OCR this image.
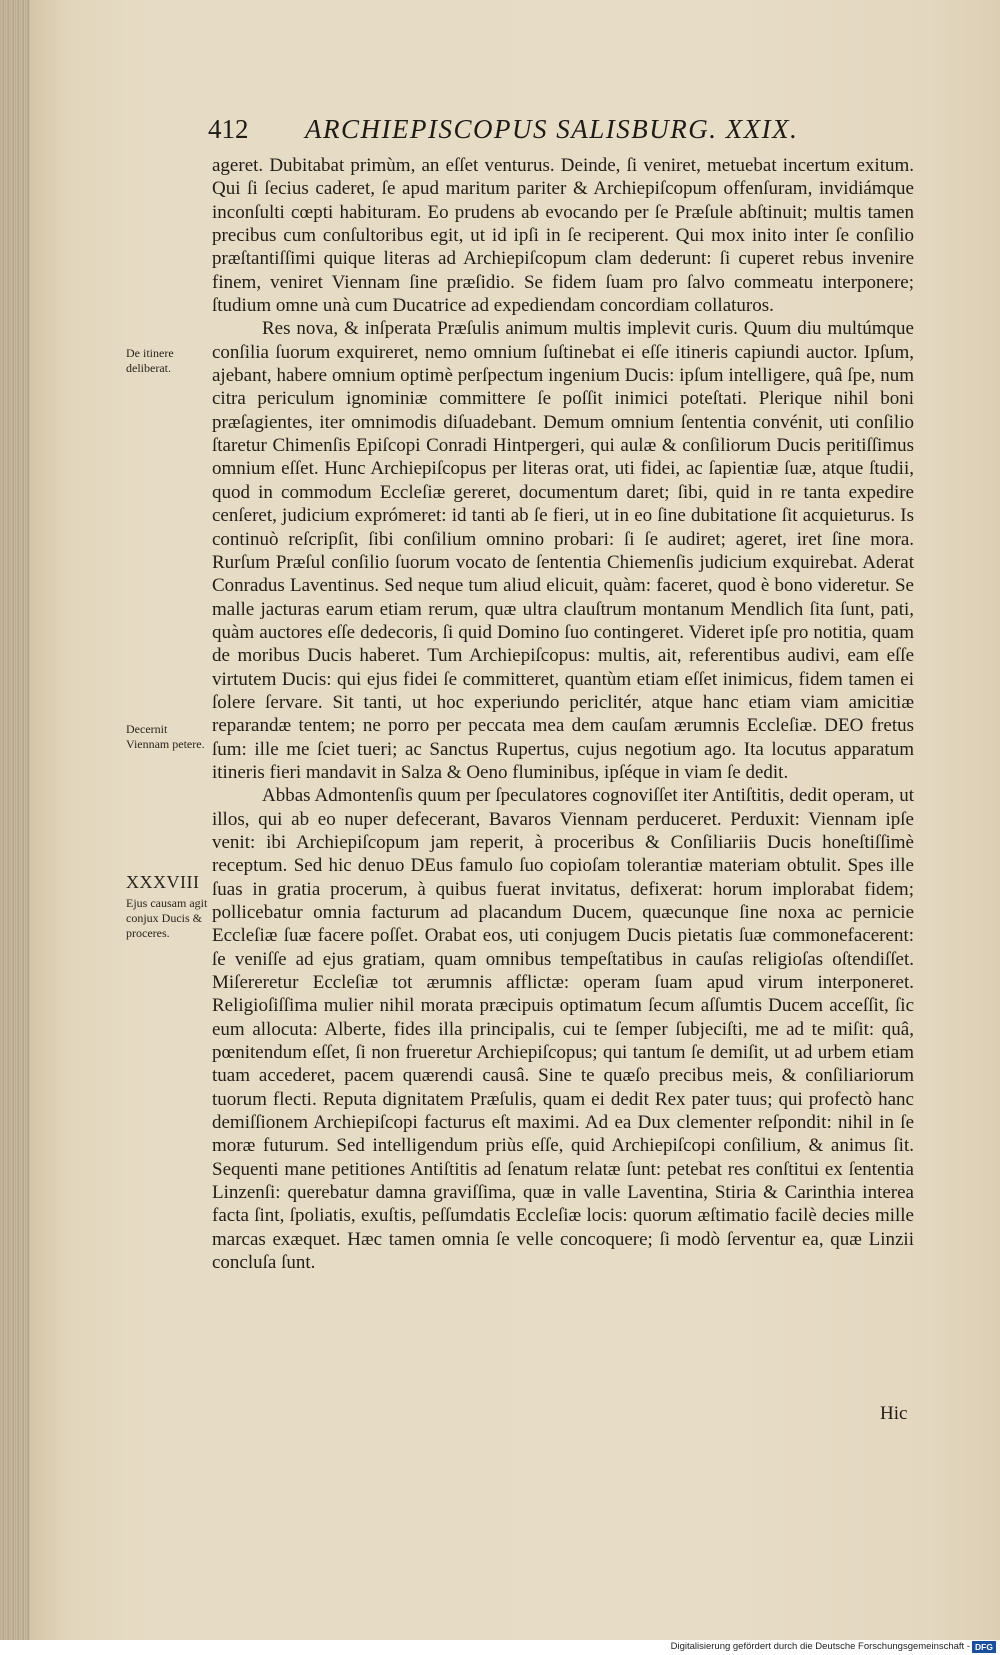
412 ARCHIEPISCOPUS SALISBURG. XXIX.
De itinere deliberat.
Decernit Viennam petere.
XXXVIII
Ejus causam agit conjux Ducis & proceres.

ageret. Dubitabat primùm, an eſſet venturus. Deinde, ſi veniret, metuebat incertum exitum. Qui ſi ſecius caderet, ſe apud maritum pariter & Archiepiſcopum offenſuram, invidiámque inconſulti cœpti habituram. Eo prudens ab evocando per ſe Præſule abſtinuit; multis tamen precibus cum conſultoribus egit, ut id ipſi in ſe reciperent. Qui mox inito inter ſe conſilio præſtantiſſimi quique literas ad Archiepiſcopum clam dederunt: ſi cuperet rebus invenire finem, veniret Viennam ſine præſidio. Se fidem ſuam pro ſalvo commeatu interponere; ſtudium omne unà cum Ducatrice ad expediendam concordiam collaturos.

Res nova, & inſperata Præſulis animum multis implevit curis. Quum diu multúmque conſilia ſuorum exquireret, nemo omnium ſuſtinebat ei eſſe itineris capiundi auctor. Ipſum, ajebant, habere omnium optimè perſpectum ingenium Ducis: ipſum intelligere, quâ ſpe, num citra periculum ignominiæ committere ſe poſſit inimici poteſtati. Plerique nihil boni præſagientes, iter omnimodis diſuadebant. Demum omnium ſententia convénit, uti conſilio ſtaretur Chimenſis Epiſcopi Conradi Hintpergeri, qui aulæ & conſiliorum Ducis peritiſſimus omnium eſſet. Hunc Archiepiſcopus per literas orat, uti fidei, ac ſapientiæ ſuæ, atque ſtudii, quod in commodum Eccleſiæ gereret, documentum daret; ſibi, quid in re tanta expedire cenſeret, judicium exprómeret: id tanti ab ſe fieri, ut in eo ſine dubitatione ſit acquieturus. Is continuò reſcripſit, ſibi conſilium omnino probari: ſi ſe audiret; ageret, iret ſine mora. Rurſum Præſul conſilio ſuorum vocato de ſententia Chiemenſis judicium exquirebat. Aderat Conradus Laventinus. Sed neque tum aliud elicuit, quàm: faceret, quod è bono videretur. Se malle jacturas earum etiam rerum, quæ ultra clauſtrum montanum Mendlich ſita ſunt, pati, quàm auctores eſſe dedecoris, ſi quid Domino ſuo contingeret. Videret ipſe pro notitia, quam de moribus Ducis haberet. Tum Archiepiſcopus: multis, ait, referentibus audivi, eam eſſe virtutem Ducis: qui ejus fidei ſe committeret, quantùm etiam eſſet inimicus, fidem tamen ei ſolere ſervare. Sit tanti, ut hoc experiundo periclitér, atque hanc etiam viam amicitiæ reparandæ tentem; ne porro per peccata mea dem cauſam ærumnis Eccleſiæ. DEO fretus ſum: ille me ſciet tueri; ac Sanctus Rupertus, cujus negotium ago. Ita locutus apparatum itineris fieri mandavit in Salza & Oeno fluminibus, ipſéque in viam ſe dedit.

Abbas Admontenſis quum per ſpeculatores cognoviſſet iter Antiſtitis, dedit operam, ut illos, qui ab eo nuper defecerant, Bavaros Viennam perduceret. Perduxit: Viennam ipſe venit: ibi Archiepiſcopum jam reperit, à proceribus & Conſiliariis Ducis honeſtiſſimè receptum. Sed hic denuo DEus famulo ſuo copioſam tolerantiæ materiam obtulit. Spes ille ſuas in gratia procerum, à quibus fuerat invitatus, defixerat: horum implorabat fidem; pollicebatur omnia facturum ad placandum Ducem, quæcunque ſine noxa ac pernicie Eccleſiæ ſuæ facere poſſet. Orabat eos, uti conjugem Ducis pietatis ſuæ commonefacerent: ſe veniſſe ad ejus gratiam, quam omnibus tempeſtatibus in cauſas religioſas oſtendiſſet. Miſereretur Eccleſiæ tot ærumnis afflictæ: operam ſuam apud virum interponeret. Religioſiſſima mulier nihil morata præcipuis optimatum ſecum aſſumtis Ducem acceſſit, ſic eum allocuta: Alberte, fides illa principalis, cui te ſemper ſubjeciſti, me ad te miſit: quâ, pœnitendum eſſet, ſi non frueretur Archiepiſcopus; qui tantum ſe demiſit, ut ad urbem etiam tuam accederet, pacem quærendi causâ. Sine te quæſo precibus meis, & conſiliariorum tuorum flecti. Reputa dignitatem Præſulis, quam ei dedit Rex pater tuus; qui profectò hanc demiſſionem Archiepiſcopi facturus eſt maximi. Ad ea Dux clementer reſpondit: nihil in ſe moræ futurum. Sed intelligendum priùs eſſe, quid Archiepiſcopi conſilium, & animus ſit. Sequenti mane petitiones Antiſtitis ad ſenatum relatæ ſunt: petebat res conſtitui ex ſententia Linzenſi: querebatur damna graviſſima, quæ in valle Laventina, Stiria & Carinthia interea facta ſint, ſpoliatis, exuſtis, peſſumdatis Eccleſiæ locis: quorum æſtimatio facilè decies mille marcas exæquet. Hæc tamen omnia ſe velle concoquere; ſi modò ſerventur ea, quæ Linzii concluſa ſunt.

Hic
Digitalisierung gefördert durch die Deutsche Forschungsgemeinschaft - DFG
